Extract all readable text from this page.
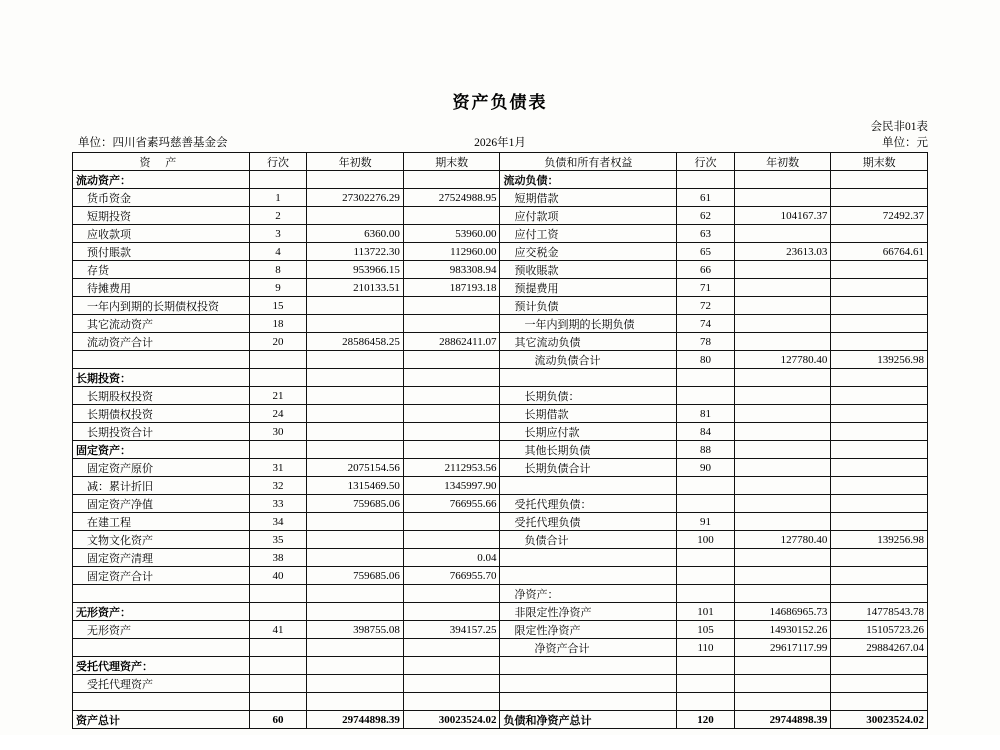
资产负债表
会民非01表
单位：元
单位：四川省素玛慈善基金会	2026年1月
资 产	行次	年初数	期末数	负债和所有者权益	行次	年初数	期末数
流动资产：				流动负债：			
货币资金	1	27302276.29	27524988.95	短期借款	61		
短期投资	2			应付款项	62	104167.37	72492.37
应收款项	3	6360.00	53960.00	应付工资	63		
预付賬款	4	113722.30	112960.00	应交税金	65	23613.03	66764.61
存货	8	953966.15	983308.94	预收賬款	66		
待摊费用	9	210133.51	187193.18	预提费用	71		
一年内到期的长期债权投资	15			预计负债	72		
其它流动资产	18			一年内到期的长期负债	74		
流动资产合计	20	28586458.25	28862411.07	其它流动负债	78		
				流动负债合计	80	127780.40	139256.98
长期投资：							
长期股权投资	21			长期负债：			
长期债权投资	24			长期借款	81		
长期投资合计	30			长期应付款	84		
固定资产：				其他长期负债	88		
固定资产原价	31	2075154.56	2112953.56	长期负债合计	90		
减：累计折旧	32	1315469.50	1345997.90				
固定资产净值	33	759685.06	766955.66	受托代理负债：			
在建工程	34			受托代理负债	91		
文物文化资产	35			负债合计	100	127780.40	139256.98
固定资产清理	38		0.04				
固定资产合计	40	759685.06	766955.70				
				净资产：			
无形资产：				非限定性净资产	101	14686965.73	14778543.78
无形资产	41	398755.08	394157.25	限定性净资产	105	14930152.26	15105723.26
				净资产合计	110	29617117.99	29884267.04
受托代理资产：							
受托代理资产							

资产总计	60	29744898.39	30023524.02	负债和净资产总计	120	29744898.39	30023524.02
